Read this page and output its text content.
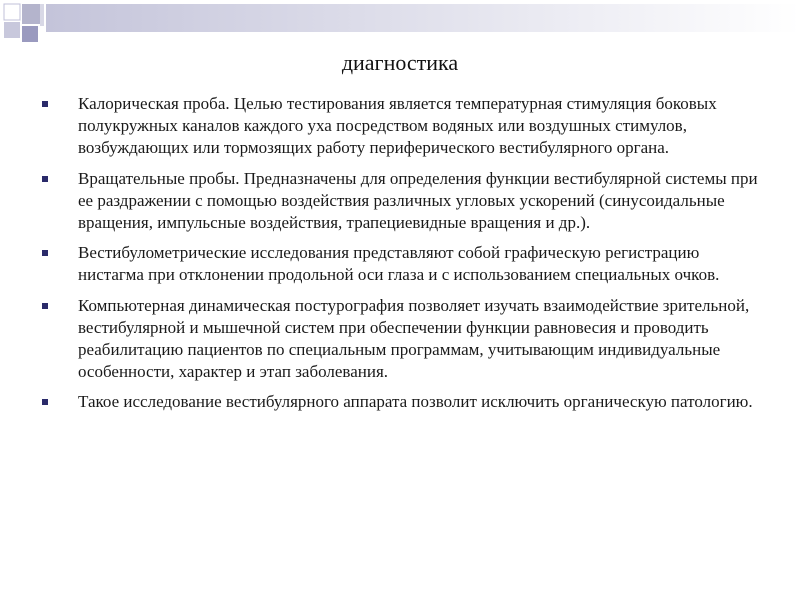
диагностика
Калорическая проба. Целью тестирования является температурная стимуляция боковых полукружных каналов каждого уха посредством водяных или воздушных стимулов, возбуждающих или тормозящих работу периферического вестибулярного органа.
Вращательные пробы. Предназначены для определения функции вестибулярной системы при ее раздражении с помощью воздействия различных угловых ускорений (синусоидальные вращения, импульсные воздействия, трапециевидные вращения и др.).
Вестибулометрические исследования представляют собой графическую регистрацию нистагма при отклонении продольной оси глаза и с использованием специальных очков.
Компьютерная динамическая постурография позволяет изучать взаимодействие зрительной, вестибулярной и мышечной систем при обеспечении функции равновесия и проводить реабилитацию пациентов по специальным программам, учитывающим индивидуальные особенности, характер и этап заболевания.
Такое исследование вестибулярного аппарата позволит исключить органическую патологию.
